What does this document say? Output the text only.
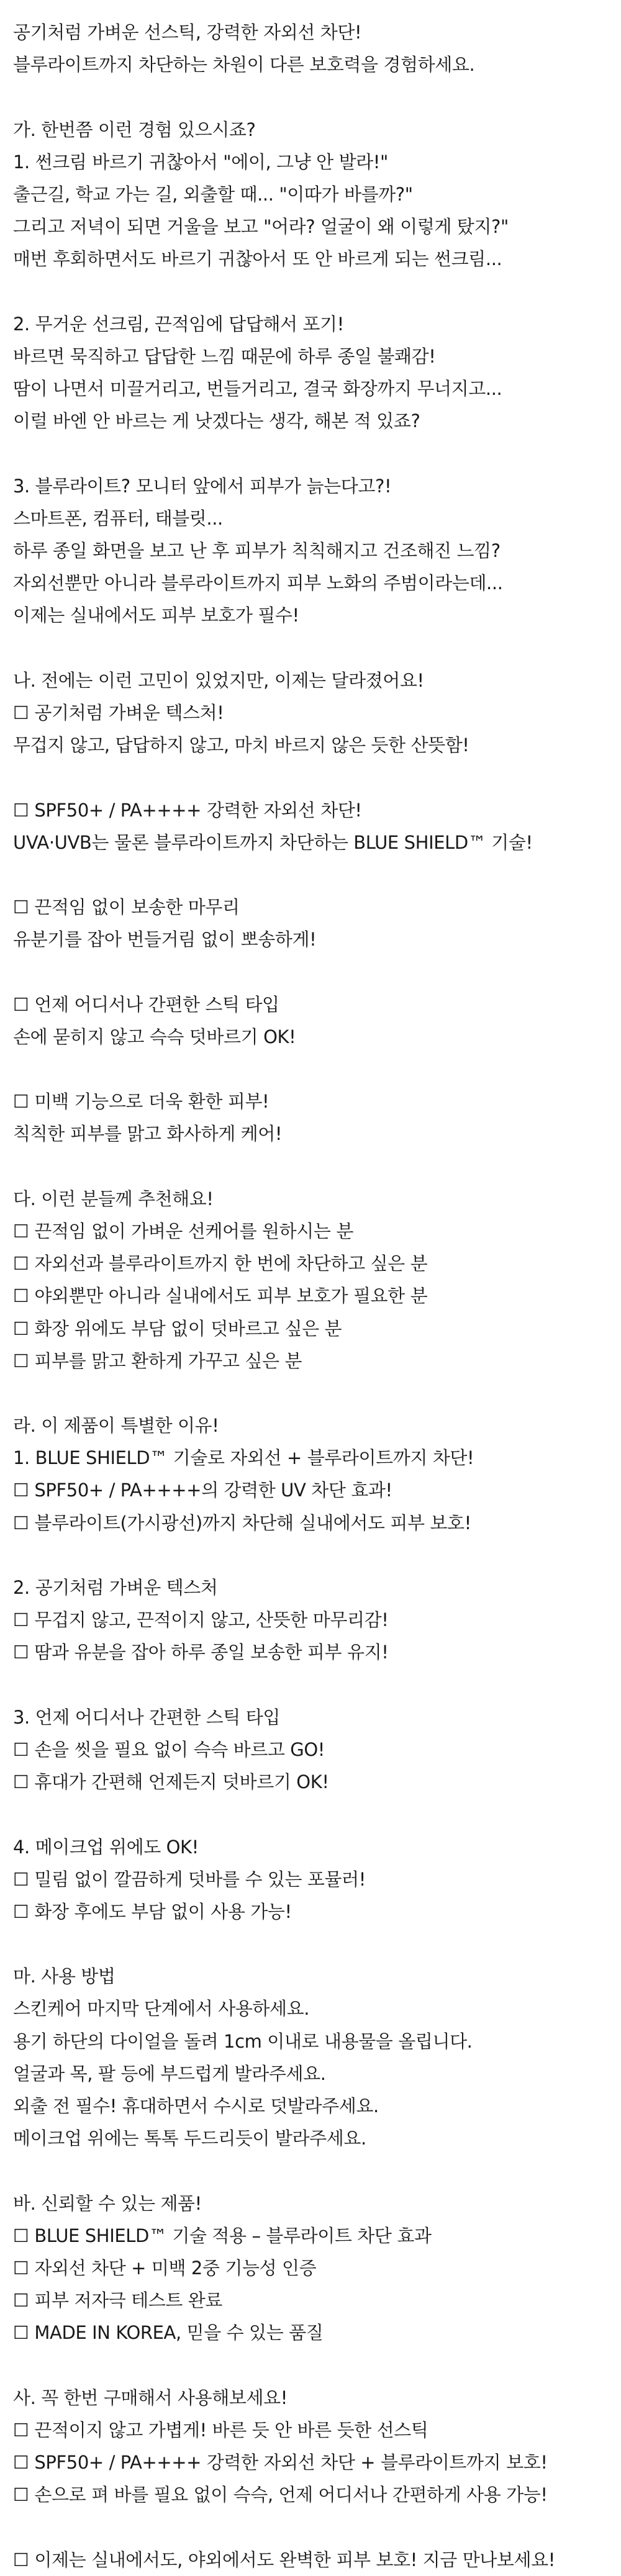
공기처럼 가벼운 선스틱, 강력한 자외선 차단!
블루라이트까지 차단하는 차원이 다른 보호력을 경험하세요.
가. 한번쯤 이런 경험 있으시죠?
1. 썬크림 바르기 귀찮아서 "에이, 그냥 안 발라!"
출근길, 학교 가는 길, 외출할 때... "이따가 바를까?"
그리고 저녁이 되면 거울을 보고 "어라? 얼굴이 왜 이렇게 탔지?"
매번 후회하면서도 바르기 귀찮아서 또 안 바르게 되는 썬크림...
2. 무거운 선크림, 끈적임에 답답해서 포기!
바르면 묵직하고 답답한 느낌 때문에 하루 종일 불쾌감!
땀이 나면서 미끌거리고, 번들거리고, 결국 화장까지 무너지고...
이럴 바엔 안 바르는 게 낫겠다는 생각, 해본 적 있죠?
3. 블루라이트? 모니터 앞에서 피부가 늙는다고?!
스마트폰, 컴퓨터, 태블릿...
하루 종일 화면을 보고 난 후 피부가 칙칙해지고 건조해진 느낌?
자외선뿐만 아니라 블루라이트까지 피부 노화의 주범이라는데...
이제는 실내에서도 피부 보호가 필수!
나. 전에는 이런 고민이 있었지만, 이제는 달라졌어요!
☐ 공기처럼 가벼운 텍스처!
무겁지 않고, 답답하지 않고, 마치 바르지 않은 듯한 산뜻함!
☐ SPF50+ / PA++++ 강력한 자외선 차단!
UVA·UVB는 물론 블루라이트까지 차단하는 BLUE SHIELD™ 기술!
☐ 끈적임 없이 보송한 마무리
유분기를 잡아 번들거림 없이 뽀송하게!
☐ 언제 어디서나 간편한 스틱 타입
손에 묻히지 않고 슥슥 덧바르기 OK!
☐ 미백 기능으로 더욱 환한 피부!
칙칙한 피부를 맑고 화사하게 케어!
다. 이런 분들께 추천해요!
☐ 끈적임 없이 가벼운 선케어를 원하시는 분
☐ 자외선과 블루라이트까지 한 번에 차단하고 싶은 분
☐ 야외뿐만 아니라 실내에서도 피부 보호가 필요한 분
☐ 화장 위에도 부담 없이 덧바르고 싶은 분
☐ 피부를 맑고 환하게 가꾸고 싶은 분
라. 이 제품이 특별한 이유!
1. BLUE SHIELD™ 기술로 자외선 + 블루라이트까지 차단!
☐ SPF50+ / PA++++의 강력한 UV 차단 효과!
☐ 블루라이트(가시광선)까지 차단해 실내에서도 피부 보호!
2. 공기처럼 가벼운 텍스처
☐ 무겁지 않고, 끈적이지 않고, 산뜻한 마무리감!
☐ 땀과 유분을 잡아 하루 종일 보송한 피부 유지!
3. 언제 어디서나 간편한 스틱 타입
☐ 손을 씻을 필요 없이 슥슥 바르고 GO!
☐ 휴대가 간편해 언제든지 덧바르기 OK!
4. 메이크업 위에도 OK!
☐ 밀림 없이 깔끔하게 덧바를 수 있는 포뮬러!
☐ 화장 후에도 부담 없이 사용 가능!
마. 사용 방법
스킨케어 마지막 단계에서 사용하세요.
용기 하단의 다이얼을 돌려 1cm 이내로 내용물을 올립니다.
얼굴과 목, 팔 등에 부드럽게 발라주세요.
외출 전 필수! 휴대하면서 수시로 덧발라주세요.
메이크업 위에는 톡톡 두드리듯이 발라주세요.
바. 신뢰할 수 있는 제품!
☐ BLUE SHIELD™ 기술 적용 – 블루라이트 차단 효과
☐ 자외선 차단 + 미백 2중 기능성 인증
☐ 피부 저자극 테스트 완료
☐ MADE IN KOREA, 믿을 수 있는 품질
사. 꼭 한번 구매해서 사용해보세요!
☐ 끈적이지 않고 가볍게! 바른 듯 안 바른 듯한 선스틱
☐ SPF50+ / PA++++ 강력한 자외선 차단 + 블루라이트까지 보호!
☐ 손으로 펴 바를 필요 없이 슥슥, 언제 어디서나 간편하게 사용 가능!
☐ 이제는 실내에서도, 야외에서도 완벽한 피부 보호! 지금 만나보세요!
